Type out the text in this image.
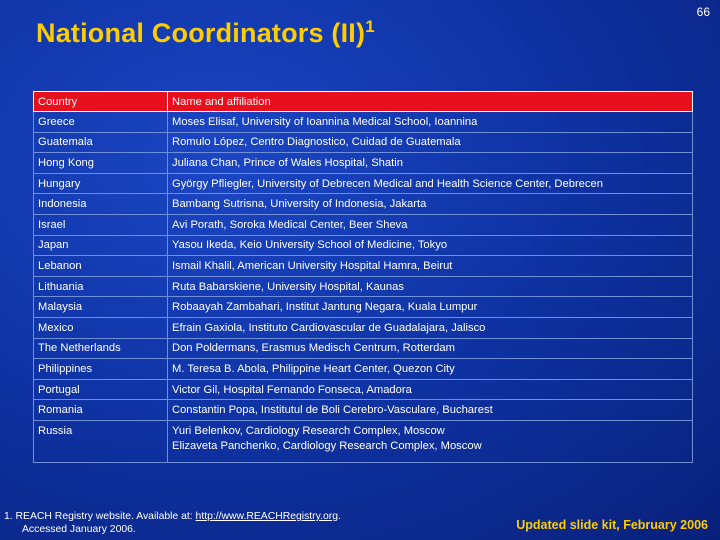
66
National Coordinators (II)$^1$
Country	Name and affiliation
Greece	Moses Elisaf, University of Ioannina Medical School, Ioannina
Guatemala	Romulo López, Centro Diagnostico, Cuidad de Guatemala
Hong Kong	Juliana Chan, Prince of Wales Hospital, Shatin
Hungary	György Pfliegler, University of Debrecen Medical and Health Science Center, Debrecen
Indonesia	Bambang Sutrisna, University of Indonesia, Jakarta
Israel	Avi Porath, Soroka Medical Center, Beer Sheva
Japan	Yasou Ikeda, Keio University School of Medicine, Tokyo
Lebanon	Ismail Khalil, American University Hospital Hamra, Beirut
Lithuania	Ruta Babarskiene, University Hospital, Kaunas
Malaysia	Robaayah Zambahari, Institut Jantung Negara, Kuala Lumpur
Mexico	Efrain Gaxiola, Instituto Cardiovascular de Guadalajara, Jalisco
The Netherlands	Don Poldermans, Erasmus Medisch Centrum, Rotterdam
Philippines	M. Teresa B. Abola, Philippine Heart Center, Quezon City
Portugal	Victor Gil, Hospital Fernando Fonseca, Amadora
Romania	Constantin Popa, Institutul de Boli Cerebro-Vasculare, Bucharest
Russia	Yuri Belenkov, Cardiology Research Complex, Moscow
Elizaveta Panchenko, Cardiology Research Complex, Moscow
1. REACH Registry website. Available at: http://www.REACHRegistry.org.
Accessed January 2006.	Updated slide kit, February 2006
